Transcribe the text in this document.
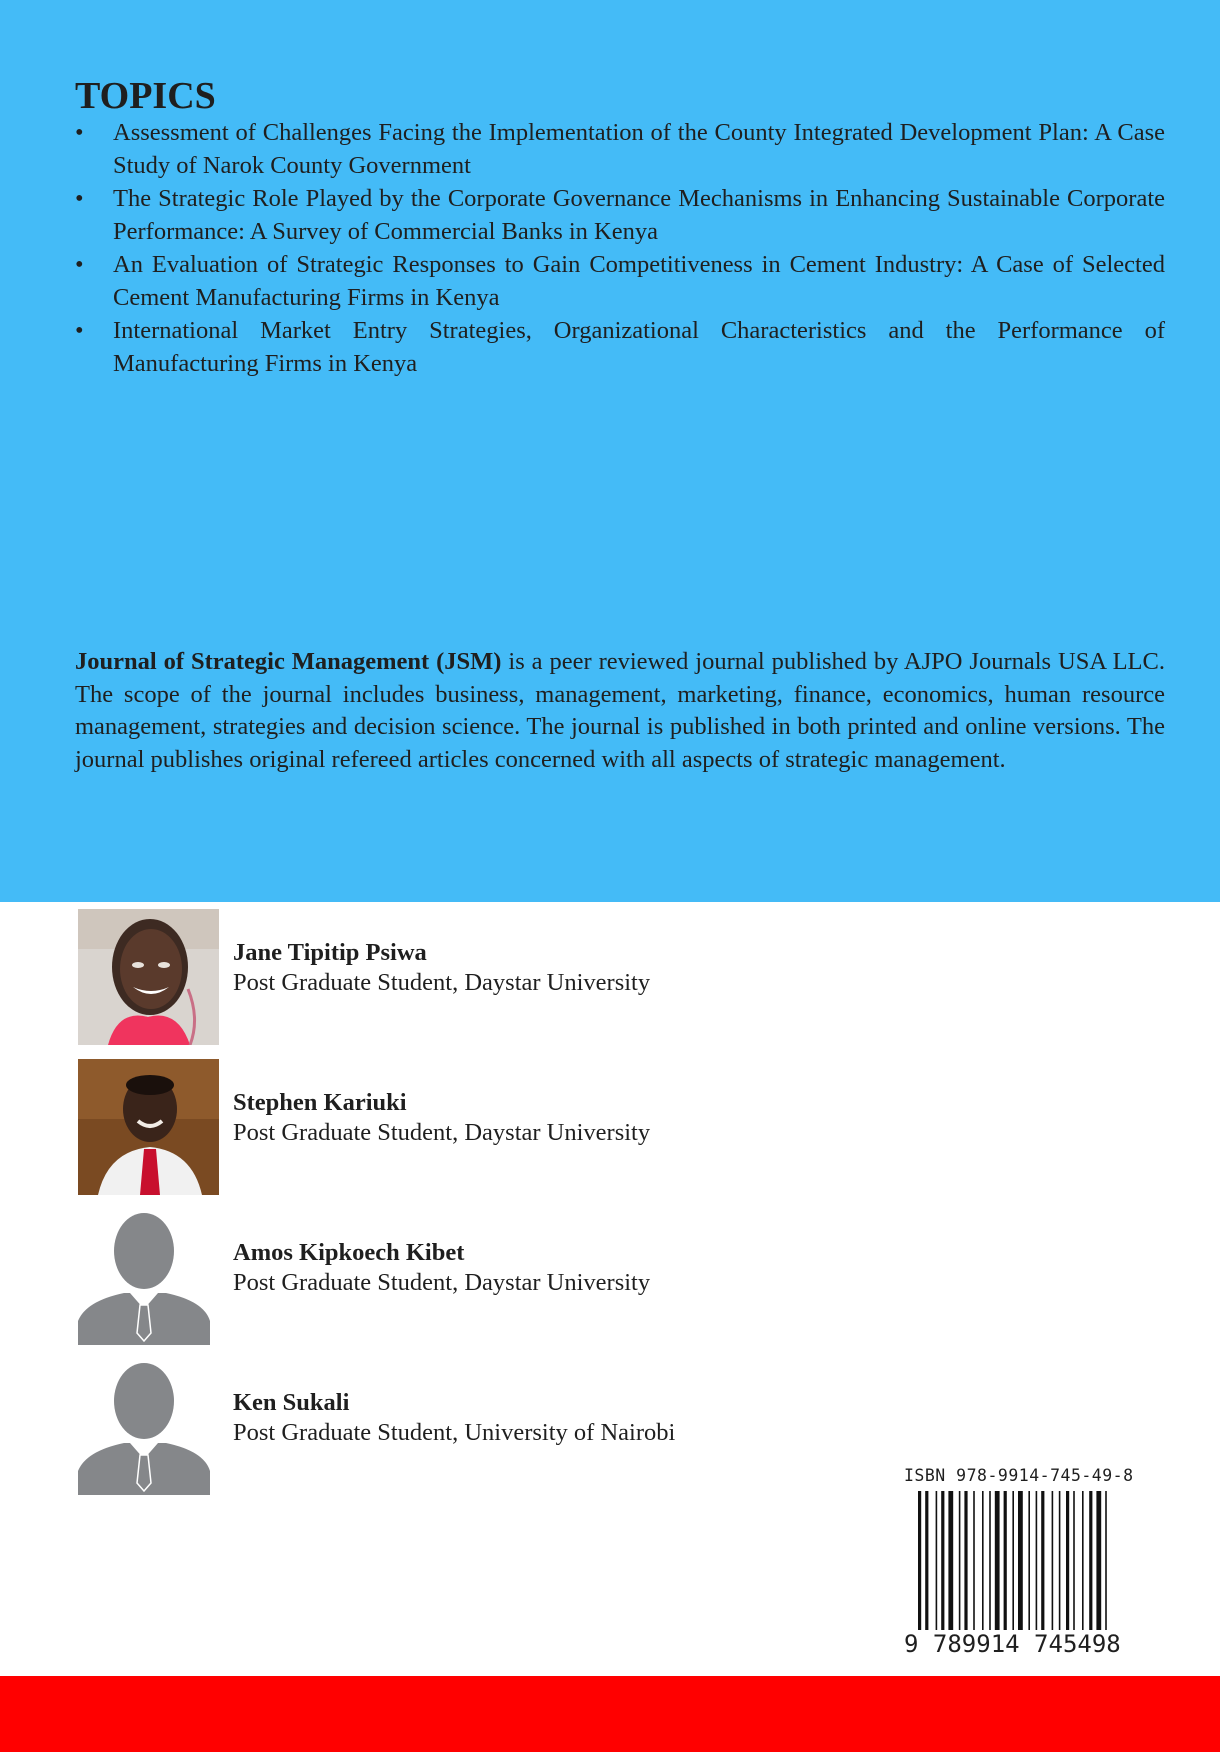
TOPICS
• Assessment of Challenges Facing the Implementation of the County Integrated Development Plan: A Case Study of Narok County Government
• The Strategic Role Played by the Corporate Governance Mechanisms in Enhancing Sustainable Corporate Performance: A Survey of Commercial Banks in Kenya
• An Evaluation of Strategic Responses to Gain Competitiveness in Cement Industry: A Case of Selected Cement Manufacturing Firms in Kenya
• International Market Entry Strategies, Organizational Characteristics and the Performance of Manufacturing Firms in Kenya

Journal of Strategic Management (JSM) is a peer reviewed journal published by AJPO Journals USA LLC. The scope of the journal includes business, management, marketing, finance, economics, human resource management, strategies and decision science. The journal is published in both printed and online versions. The journal publishes original refereed articles concerned with all aspects of strategic management.

Jane Tipitip Psiwa
Post Graduate Student, Daystar University
Stephen Kariuki
Post Graduate Student, Daystar University
Amos Kipkoech Kibet
Post Graduate Student, Daystar University
Ken Sukali
Post Graduate Student, University of Nairobi
ISBN 978-9914-745-49-8
9 789914 745498
